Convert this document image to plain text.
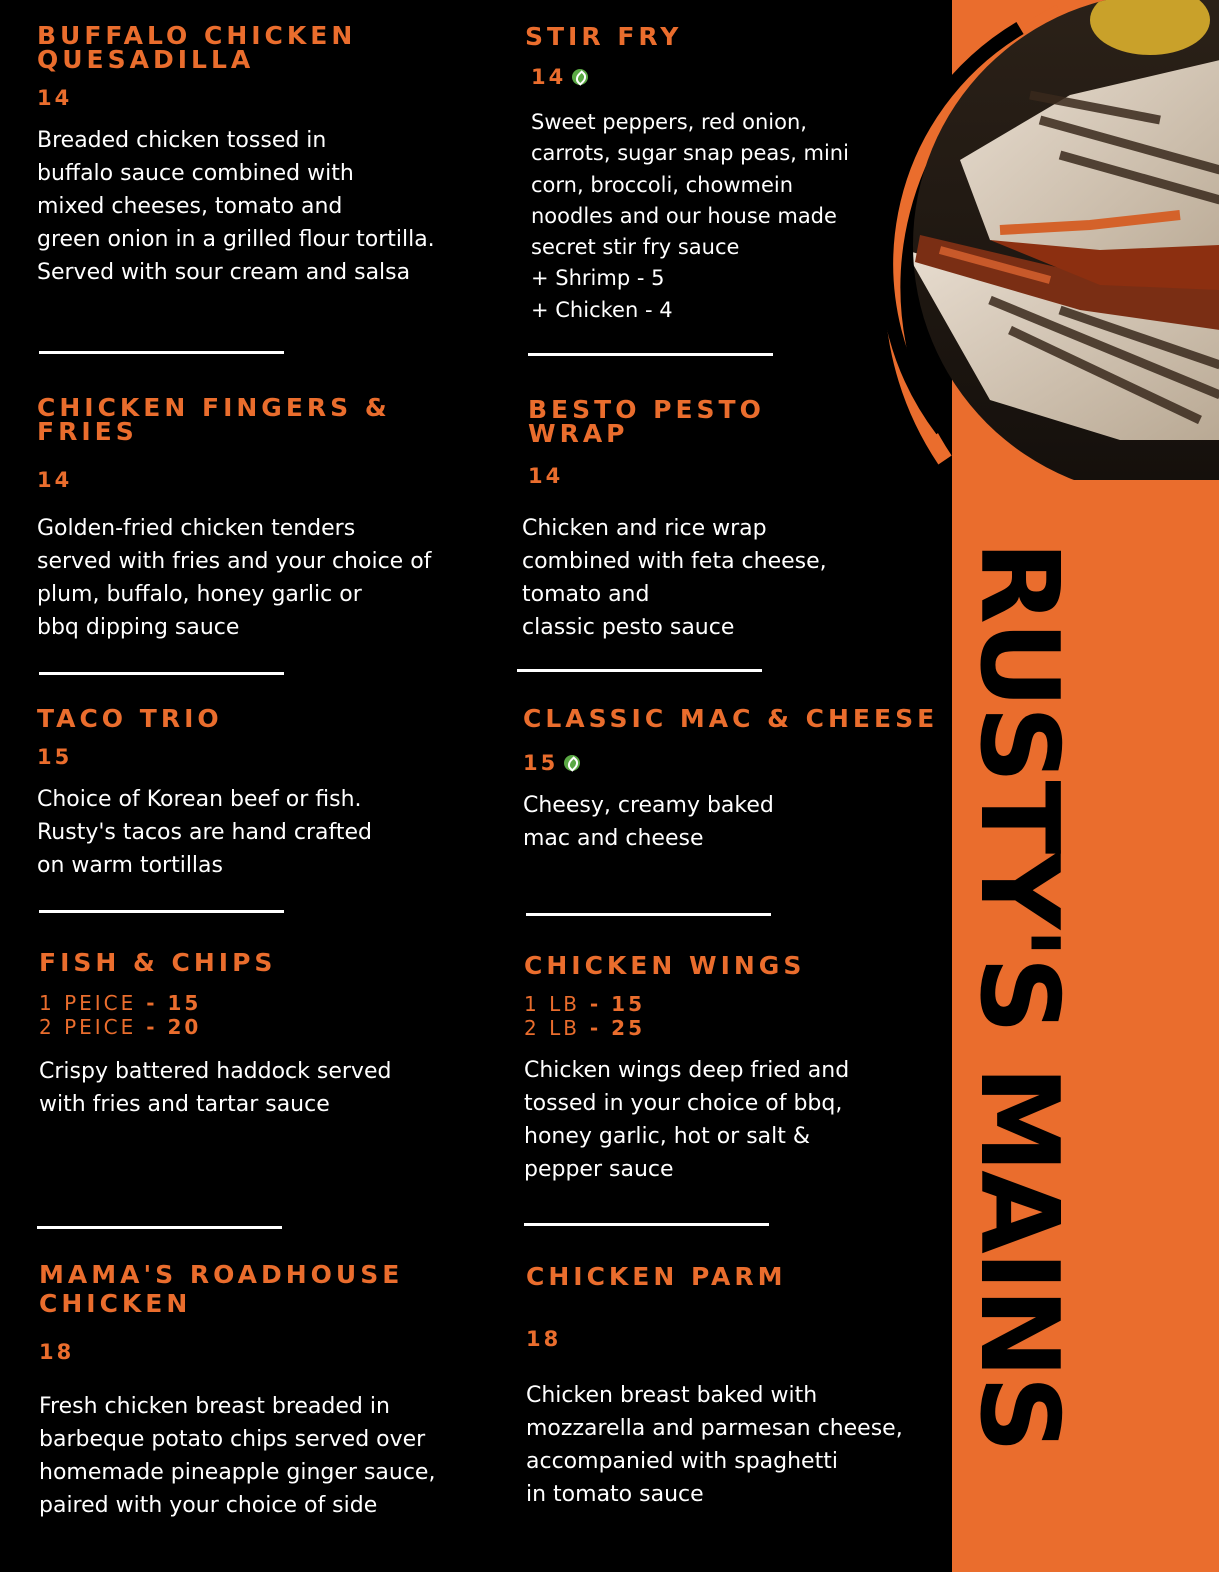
RUSTY'S MAINS
BUFFALO CHICKEN
QUESADILLA
14
Breaded chicken tossed in
buffalo sauce combined with
mixed cheeses, tomato and
green onion in a grilled flour tortilla.
Served with sour cream and salsa
CHICKEN FINGERS &
FRIES
14
Golden-fried chicken tenders
served with fries and your choice of
plum, buffalo, honey garlic or
bbq dipping sauce
TACO TRIO
15
Choice of Korean beef or fish.
Rusty's tacos are hand crafted
on warm tortillas
FISH & CHIPS
1 PEICE - 15
2 PEICE - 20
Crispy battered haddock served
with fries and tartar sauce
MAMA'S ROADHOUSE
CHICKEN
18
Fresh chicken breast breaded in
barbeque potato chips served over
homemade pineapple ginger sauce,
paired with your choice of side
STIR FRY
14
Sweet peppers, red onion,
carrots, sugar snap peas, mini
corn, broccoli, chowmein
noodles and our house made
secret stir fry sauce
+ Shrimp - 5
+ Chicken - 4
BESTO PESTO
WRAP
14
Chicken and rice wrap
combined with feta cheese,
tomato and
classic pesto sauce
CLASSIC MAC & CHEESE
15
Cheesy, creamy baked
mac and cheese
CHICKEN WINGS
1 LB - 15
2 LB - 25
Chicken wings deep fried and
tossed in your choice of bbq,
honey garlic, hot or salt &
pepper sauce
CHICKEN PARM
18
Chicken breast baked with
mozzarella and parmesan cheese,
accompanied with spaghetti
in tomato sauce
